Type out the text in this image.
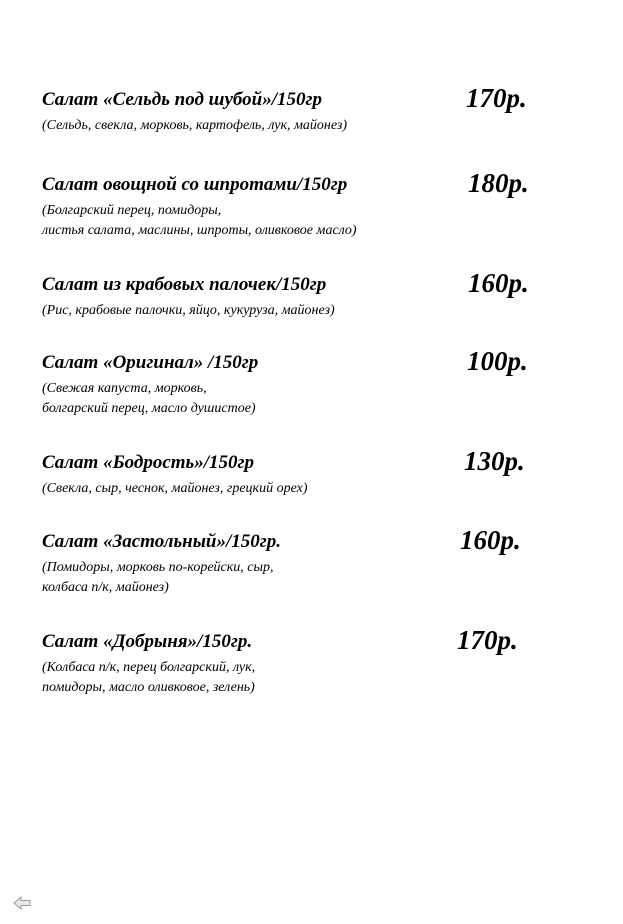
Салат «Сельдь под шубой»/150гр	170р.
(Сельдь, свекла, морковь, картофель, лук, майонез)
Салат овощной со шпротами/150гр	180р.
(Болгарский перец, помидоры,
листья салата, маслины, шпроты, оливковое масло)
Салат из крабовых палочек/150гр	160р.
(Рис, крабовые палочки, яйцо, кукуруза, майонез)
Салат «Оригинал» /150гр	100р.
(Свежая капуста, морковь,
болгарский перец, масло душистое)
Салат «Бодрость»/150гр	130р.
(Свекла, сыр, чеснок, майонез, грецкий орех)
Салат «Застольный»/150гр.	160р.
(Помидоры, морковь по-корейски, сыр,
колбаса п/к, майонез)
Салат «Добрыня»/150гр.	170р.
(Колбаса п/к, перец болгарский, лук,
помидоры, масло оливковое, зелень)
